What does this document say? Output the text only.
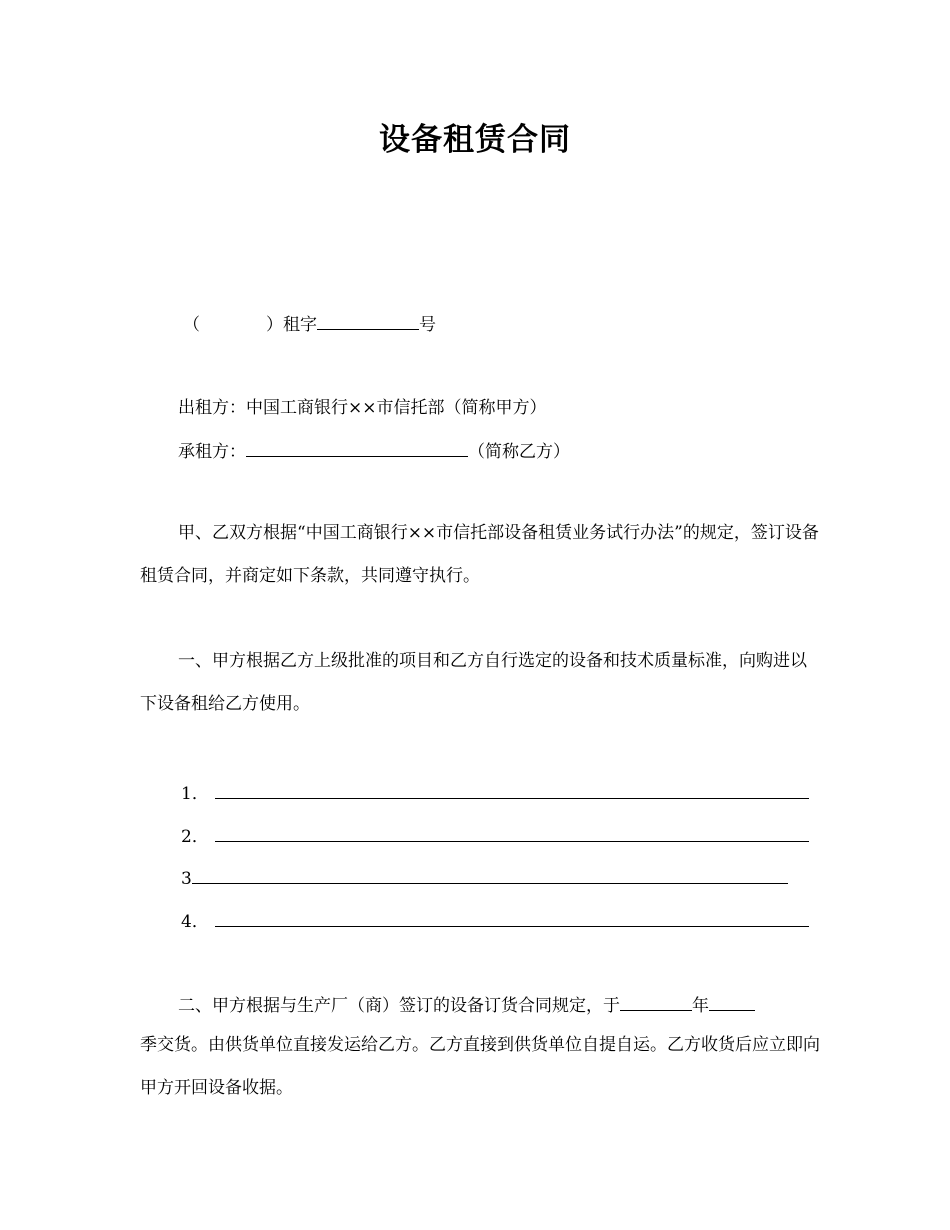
设备租赁合同
（	）租字	号
出租方：中国工商银行××市信托部（简称甲方）
承租方：	（简称乙方）
甲、乙双方根据“中国工商银行××市信托部设备租赁业务试行办法”的规定，签订设备租赁合同，并商定如下条款，共同遵守执行。
一、甲方根据乙方上级批准的项目和乙方自行选定的设备和技术质量标准，向购进以下设备租给乙方使用。
1．
2．
3
4．
二、甲方根据与生产厂（商）签订的设备订货合同规定，于	年
季交货。由供货单位直接发运给乙方。乙方直接到供货单位自提自运。乙方收货后应立即向甲方开回设备收据。
